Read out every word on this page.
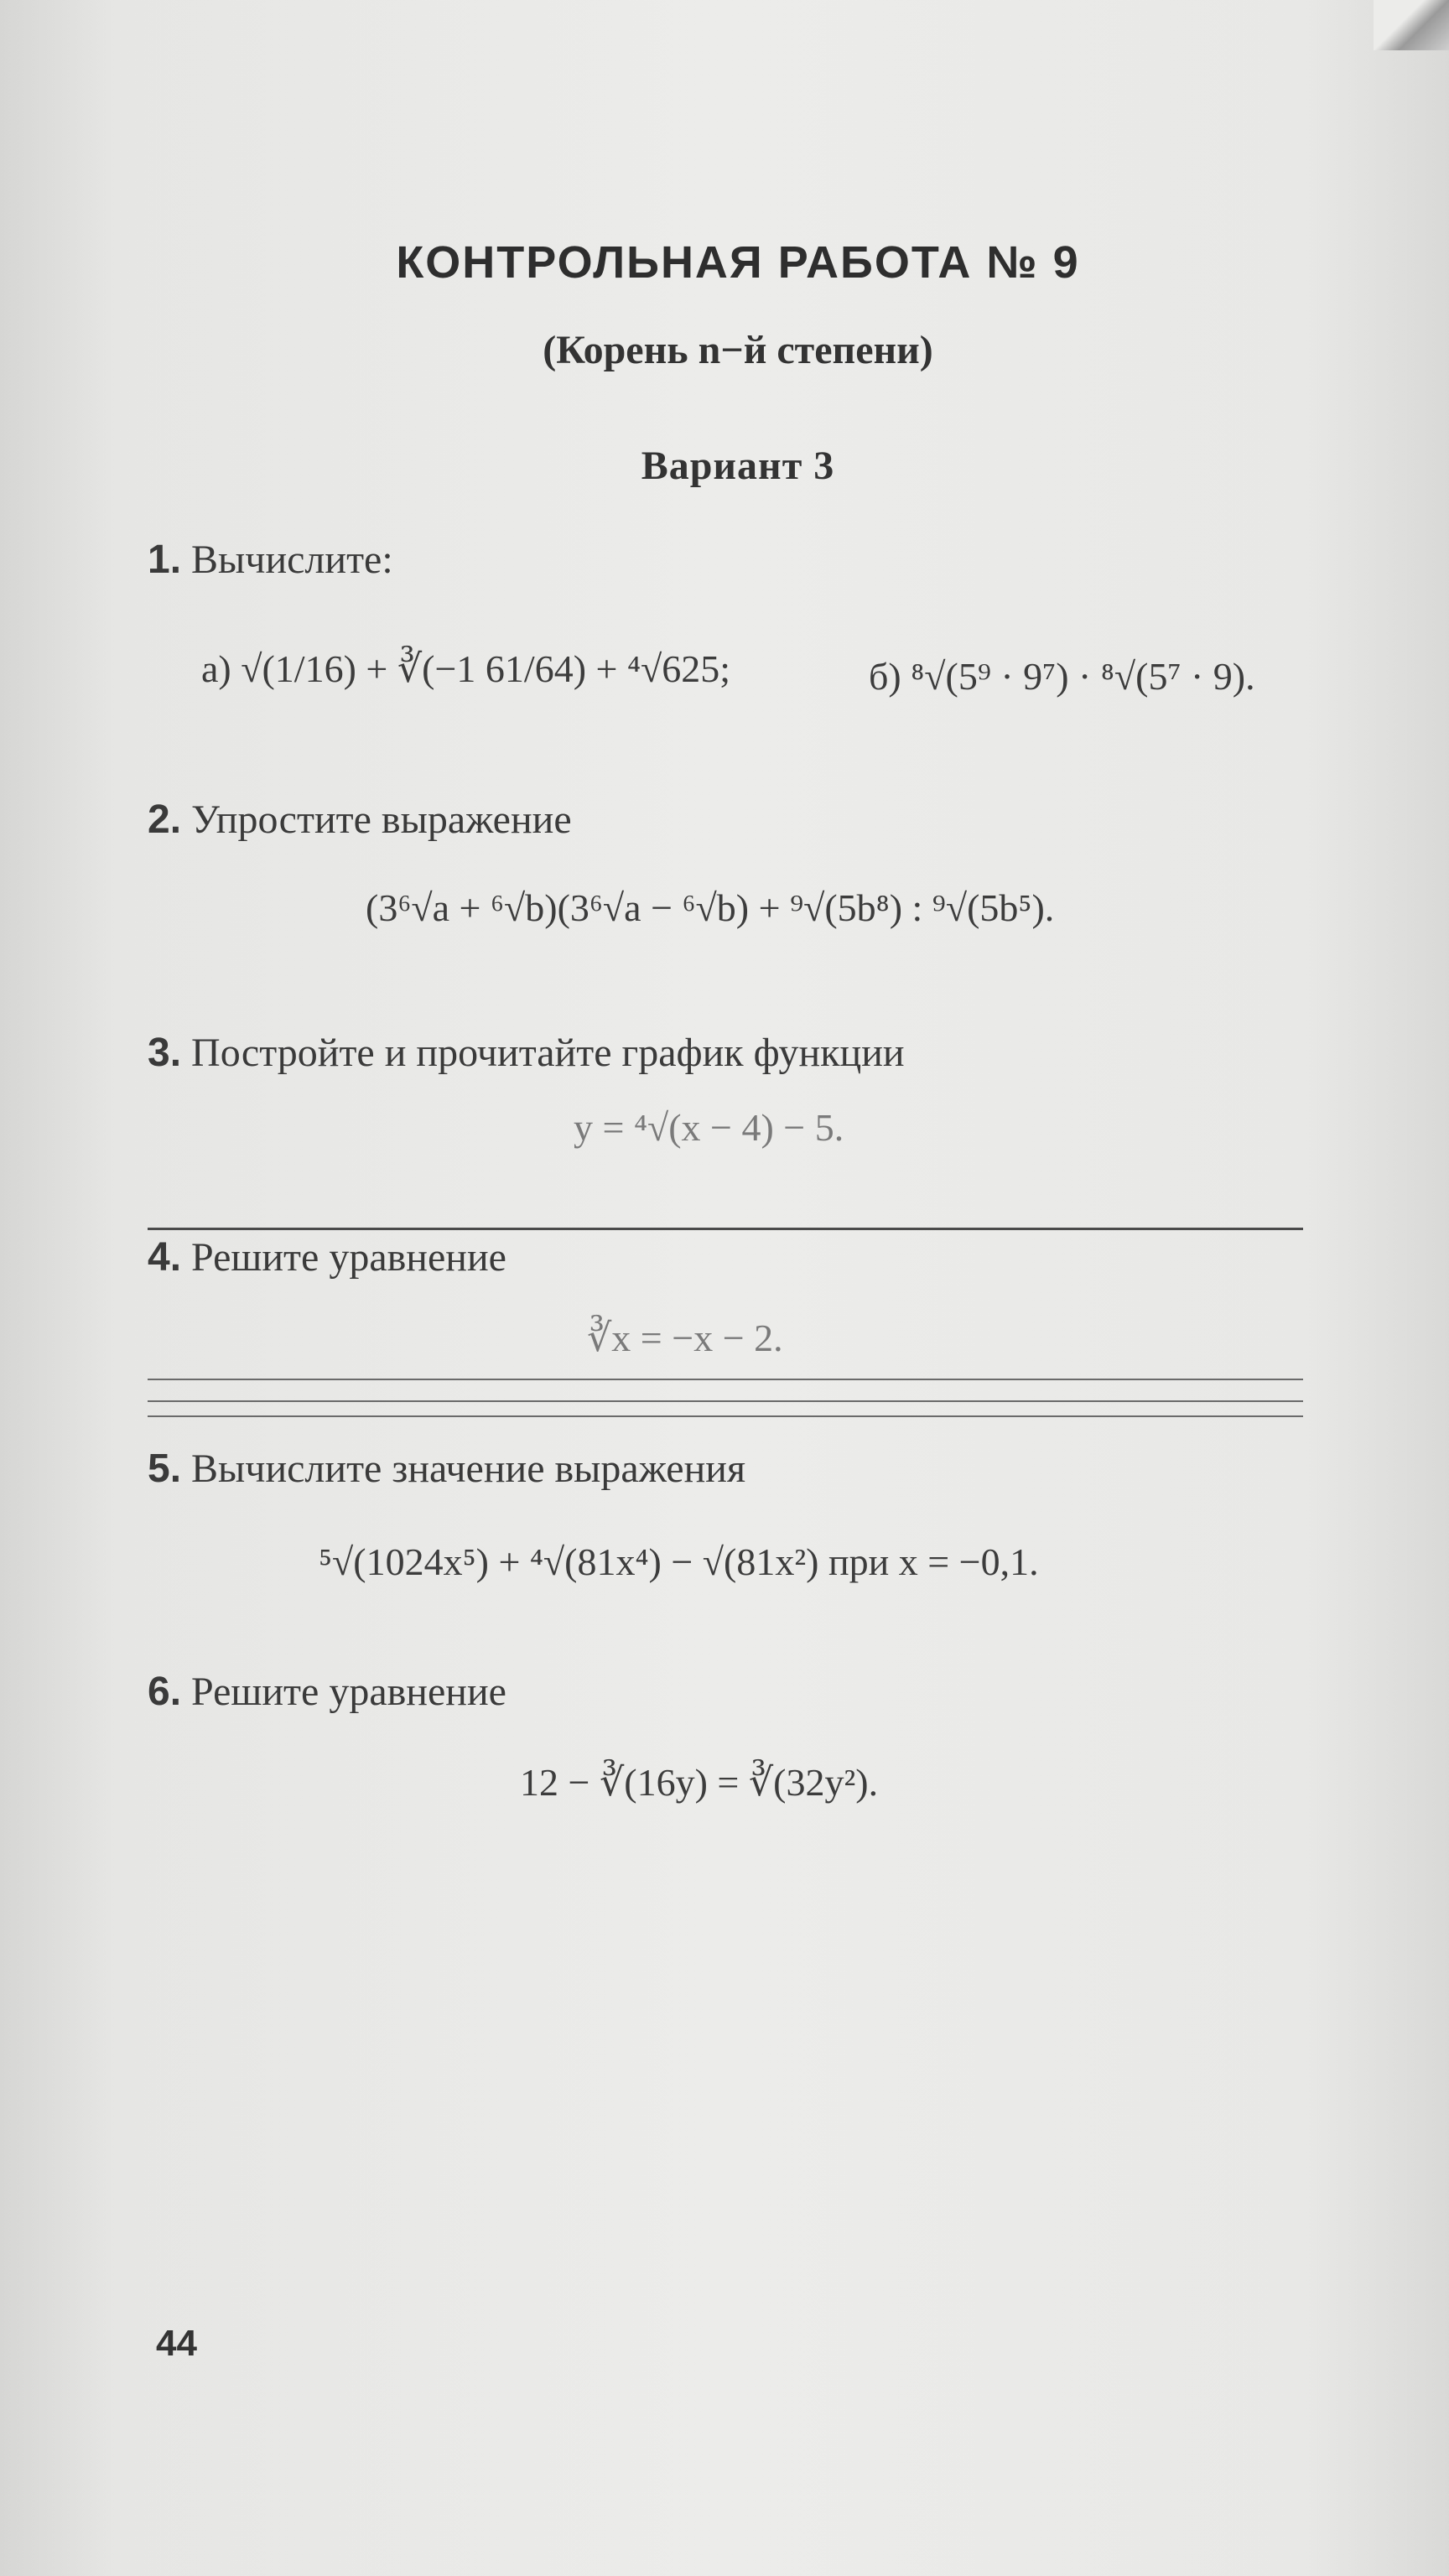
КОНТРОЛЬНАЯ РАБОТА № 9
(Корень n−й степени)
Вариант 3
1. Вычислите:
а) √(1/16) + ∛(−1 61/64) + ⁴√625;	б) ⁸√(5⁹ · 9⁷) · ⁸√(5⁷ · 9).
2. Упростите выражение
(3⁶√a + ⁶√b)(3⁶√a − ⁶√b) + ⁹√(5b⁸) : ⁹√(5b⁵).
3. Постройте и прочитайте график функции
y = ⁴√(x − 4) − 5.
4. Решите уравнение
∛x = −x − 2.
5. Вычислите значение выражения
⁵√(1024x⁵) + ⁴√(81x⁴) − √(81x²) при x = −0,1.
6. Решите уравнение
12 − ∛(16y) = ∛(32y²).
44
